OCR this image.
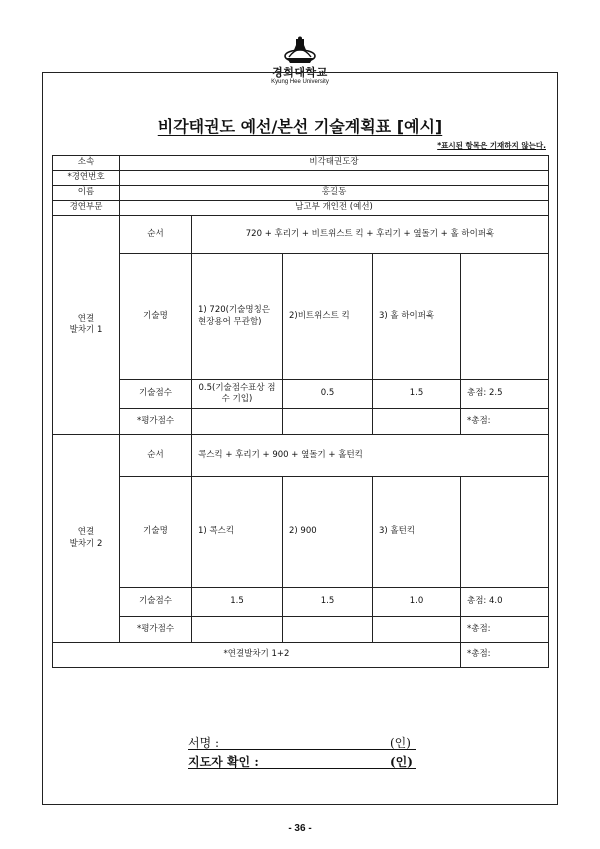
경희대학교
Kyung Hee University
비각태권도 예선/본선 기술계획표 [예시]
*표시된 항목은 기재하지 않는다.
소속	비각태권도장				
*경연번호					
이름	홍길동				
경연부문	남고부 개인전 (예선)				
연결
발차기 1	순서	720 + 후리기 + 비트위스트 킥 + 후리기 + 옆돌기 + 홀 하이퍼훅			
	기술명	1) 720(기술명칭은 현장용어 무관함)	2)비트위스트 킥	3) 홀 하이퍼훅	
	기술점수	0.5(기술점수표상 점수 기입)	0.5	1.5	총점: 2.5
	*평가점수				*총점:
연결
발차기 2	순서	콕스킥 + 후리기 + 900 + 옆돌기 + 홀턴킥			
	기술명	1) 콕스킥	2) 900	3) 홀턴킥	
	기술점수	1.5	1.5	1.0	총점: 4.0
	*평가점수				*총점:
*연결발차기 1+2					*총점:
서명 :	(인)
지도자 확인 :	(인)
- 36 -
